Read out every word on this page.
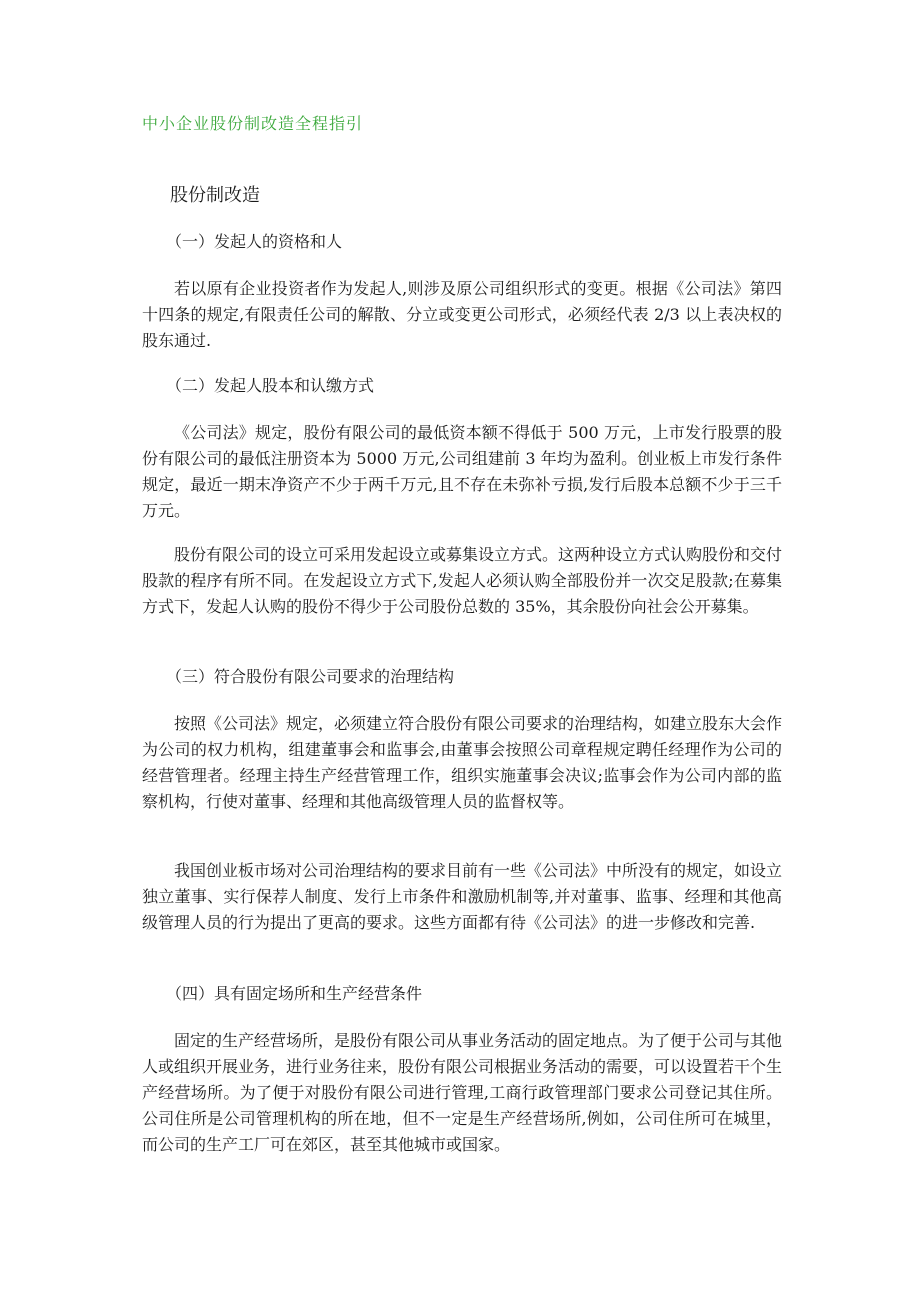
中小企业股份制改造全程指引
股份制改造
（一）发起人的资格和人
若以原有企业投资者作为发起人,则涉及原公司组织形式的变更。根据《公司法》第四十四条的规定,有限责任公司的解散、分立或变更公司形式，必须经代表 2/3 以上表决权的股东通过.
（二）发起人股本和认缴方式
《公司法》规定，股份有限公司的最低资本额不得低于 500 万元，上市发行股票的股份有限公司的最低注册资本为 5000 万元,公司组建前 3 年均为盈利。创业板上市发行条件规定，最近一期末净资产不少于两千万元,且不存在未弥补亏损,发行后股本总额不少于三千万元。
股份有限公司的设立可采用发起设立或募集设立方式。这两种设立方式认购股份和交付股款的程序有所不同。在发起设立方式下,发起人必须认购全部股份并一次交足股款;在募集方式下，发起人认购的股份不得少于公司股份总数的 35%，其余股份向社会公开募集。
（三）符合股份有限公司要求的治理结构
按照《公司法》规定，必须建立符合股份有限公司要求的治理结构，如建立股东大会作为公司的权力机构，组建董事会和监事会,由董事会按照公司章程规定聘任经理作为公司的经营管理者。经理主持生产经营管理工作，组织实施董事会决议;监事会作为公司内部的监察机构，行使对董事、经理和其他高级管理人员的监督权等。
我国创业板市场对公司治理结构的要求目前有一些《公司法》中所没有的规定，如设立独立董事、实行保荐人制度、发行上市条件和激励机制等,并对董事、监事、经理和其他高级管理人员的行为提出了更高的要求。这些方面都有待《公司法》的进一步修改和完善.
（四）具有固定场所和生产经营条件
固定的生产经营场所，是股份有限公司从事业务活动的固定地点。为了便于公司与其他人或组织开展业务，进行业务往来，股份有限公司根据业务活动的需要，可以设置若干个生产经营场所。为了便于对股份有限公司进行管理,工商行政管理部门要求公司登记其住所。公司住所是公司管理机构的所在地，但不一定是生产经营场所,例如，公司住所可在城里，而公司的生产工厂可在郊区，甚至其他城市或国家。
